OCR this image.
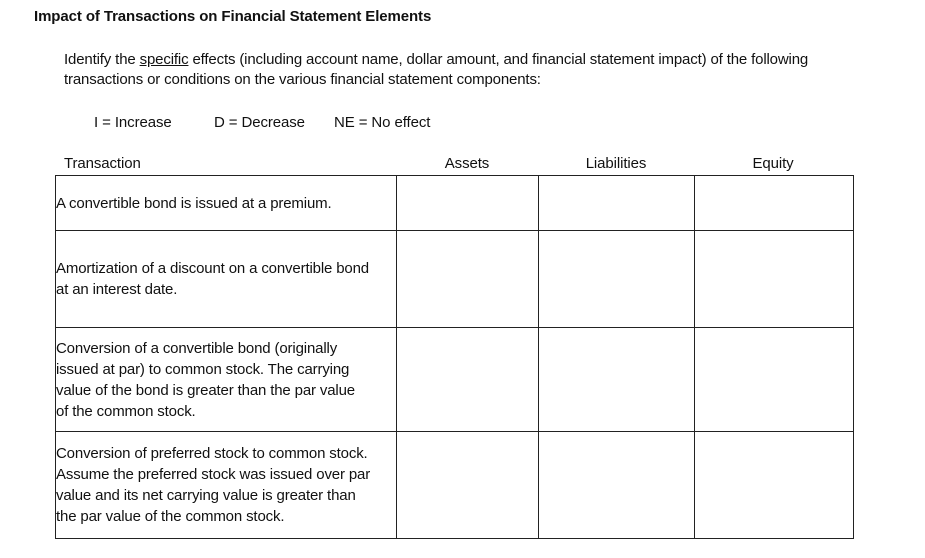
Impact of Transactions on Financial Statement Elements
Identify the specific effects (including account name, dollar amount, and financial statement impact) of the following transactions or conditions on the various financial statement components:
I = Increase	D = Decrease NE = No effect
Transaction	Assets	Liabilities	Equity
A convertible bond is issued at a premium.			

Amortization of a discount on a convertible bond
at an interest date.			

Conversion of a convertible bond (originally
issued at par) to common stock. The carrying
value of the bond is greater than the par value
of the common stock.			

Conversion of preferred stock to common stock.
Assume the preferred stock was issued over par
value and its net carrying value is greater than
the par value of the common stock.			
